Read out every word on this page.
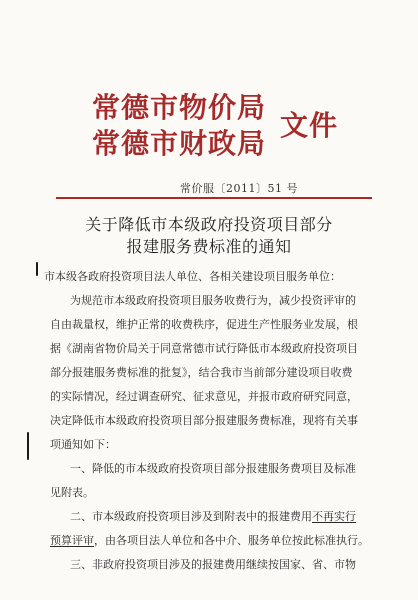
常德市物价局
常德市财政局
文件
常价服〔2011〕51 号
关于降低市本级政府投资项目部分
报建服务费标准的通知
市本级各政府投资项目法人单位、各相关建设项目服务单位：
为规范市本级政府投资项目服务收费行为，减少投资评审的
自由裁量权，维护正常的收费秩序，促进生产性服务业发展，根
据《湖南省物价局关于同意常德市试行降低市本级政府投资项目
部分报建服务费标准的批复》，结合我市当前部分建设项目收费
的实际情况，经过调查研究、征求意见，并报市政府研究同意，
决定降低市本级政府投资项目部分报建服务费标准，现将有关事
项通知如下：
一、降低的市本级政府投资项目部分报建服务费项目及标准
见附表。
二、市本级政府投资项目涉及到附表中的报建费用不再实行
预算评审，由各项目法人单位和各中介、服务单位按此标准执行。
三、非政府投资项目涉及的报建费用继续按国家、省、市物
